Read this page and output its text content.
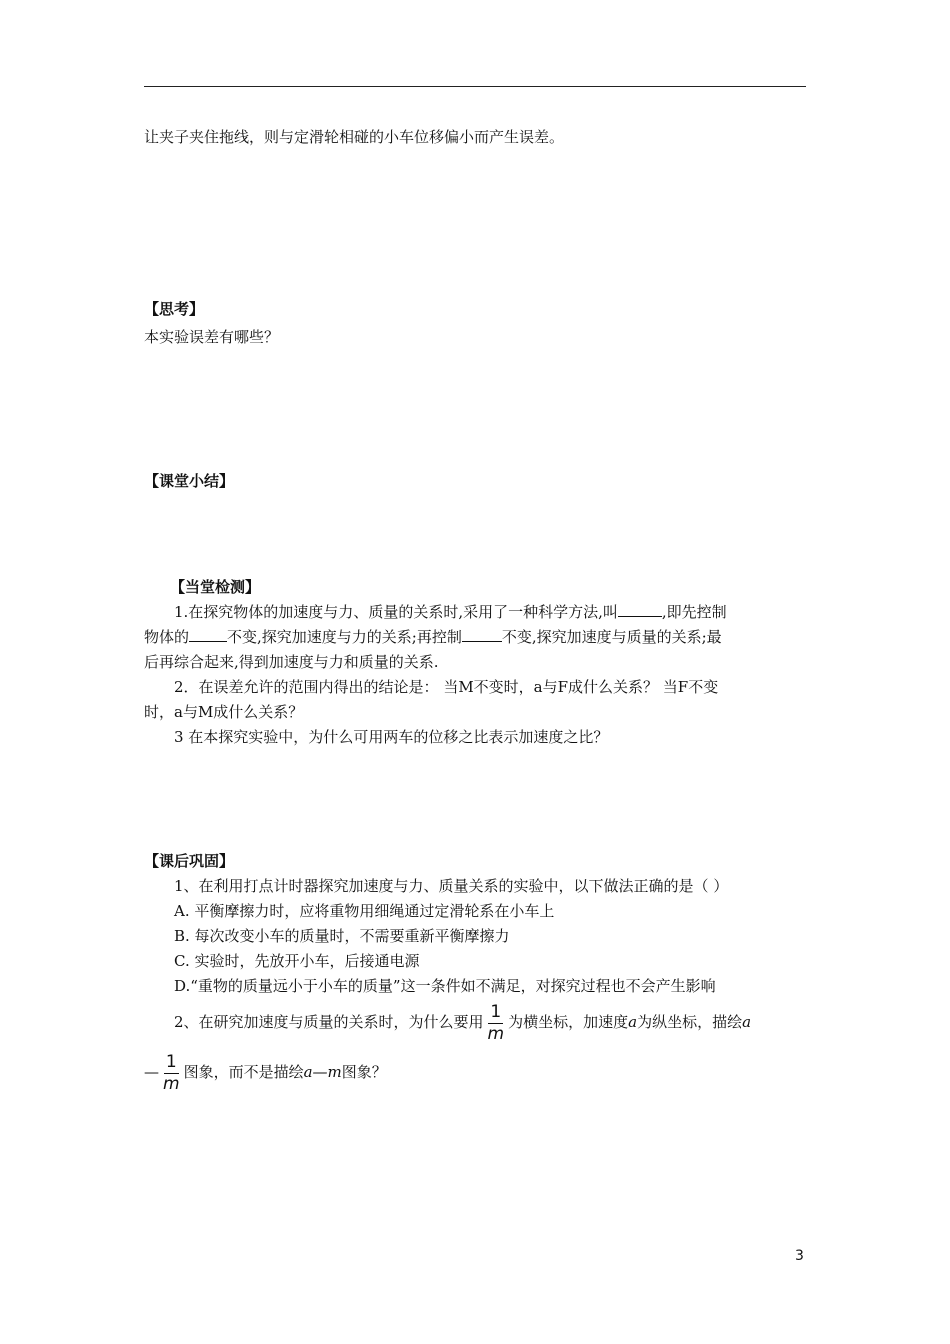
让夹子夹住拖线，则与定滑轮相碰的小车位移偏小而产生误差。
【思考】
本实验误差有哪些？
【课堂小结】
【当堂检测】
1.在探究物体的加速度与力、质量的关系时,采用了一种科学方法,叫	,即先控制
物体的	不变,探究加速度与力的关系;再控制	不变,探究加速度与质量的关系;最
后再综合起来,得到加速度与力和质量的关系.
2．在误差允许的范围内得出的结论是： 当M不变时，a与F成什么关系？ 当F不变
时，a与M成什么关系？
3 在本探究实验中，为什么可用两车的位移之比表示加速度之比？
【课后巩固】
1、在利用打点计时器探究加速度与力、质量关系的实验中，以下做法正确的是（ ）
A. 平衡摩擦力时，应将重物用细绳通过定滑轮系在小车上
B. 每次改变小车的质量时，不需要重新平衡摩擦力
C. 实验时，先放开小车，后接通电源
D.“重物的质量远小于小车的质量”这一条件如不满足，对探究过程也不会产生影响
2、在研究加速度与质量的关系时，为什么要用 $\frac{1}{m}$ 为横坐标，加速度a为纵坐标，描绘a
— $\frac{1}{m}$ 图象，而不是描绘a—m图象？
3
